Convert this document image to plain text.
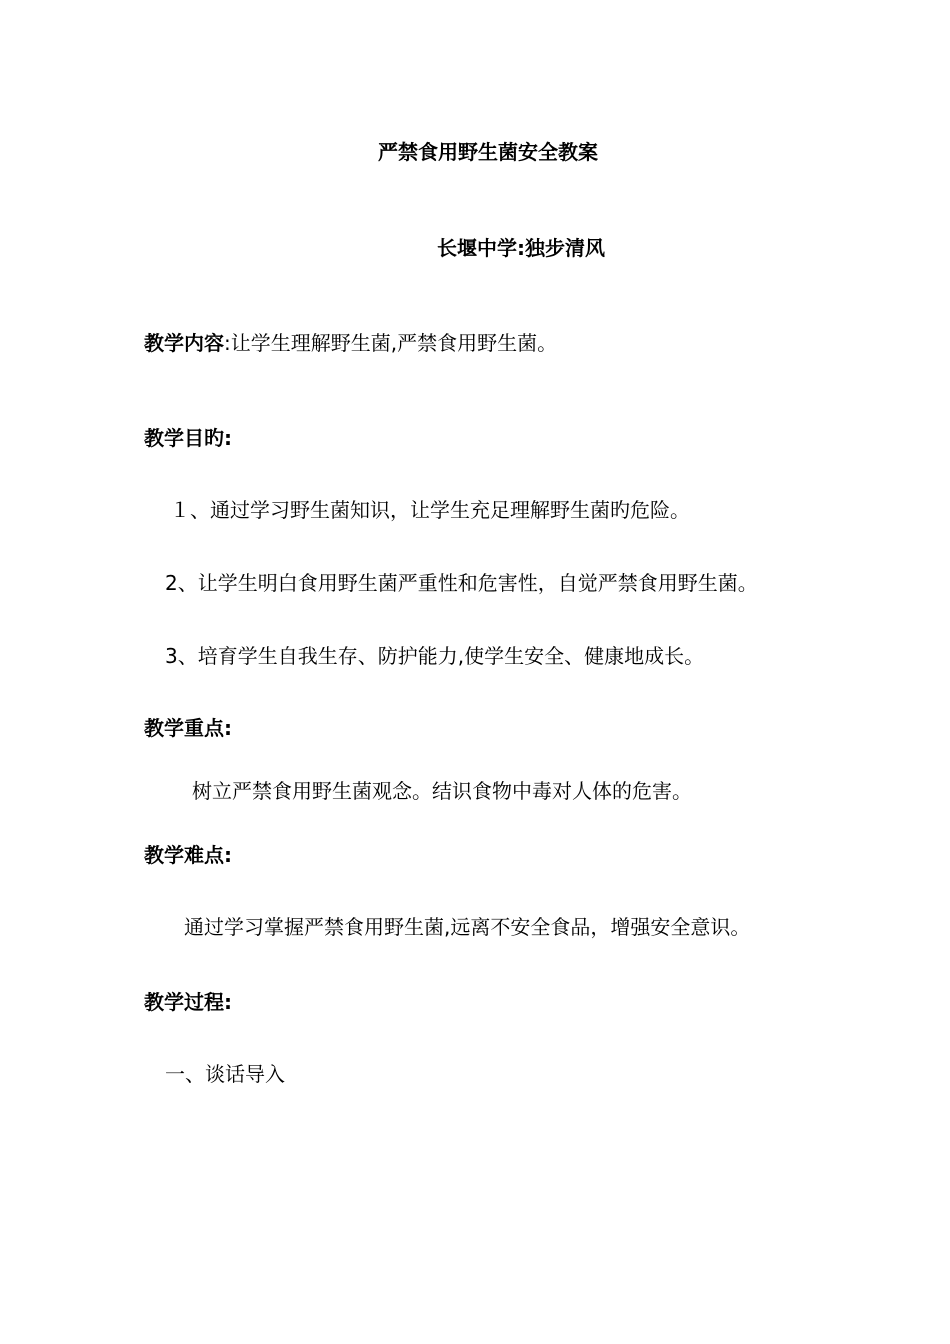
严禁食用野生菌安全教案
长堰中学:独步清风
教学内容:让学生理解野生菌,严禁食用野生菌。
教学目旳:
１、通过学习野生菌知识，让学生充足理解野生菌旳危险。
2、让学生明白食用野生菌严重性和危害性，自觉严禁食用野生菌。
3、培育学生自我生存、防护能力,使学生安全、健康地成长。
教学重点:
树立严禁食用野生菌观念。结识食物中毒对人体的危害。
教学难点:
通过学习掌握严禁食用野生菌,远离不安全食品，增强安全意识。
教学过程:
一、谈话导入
